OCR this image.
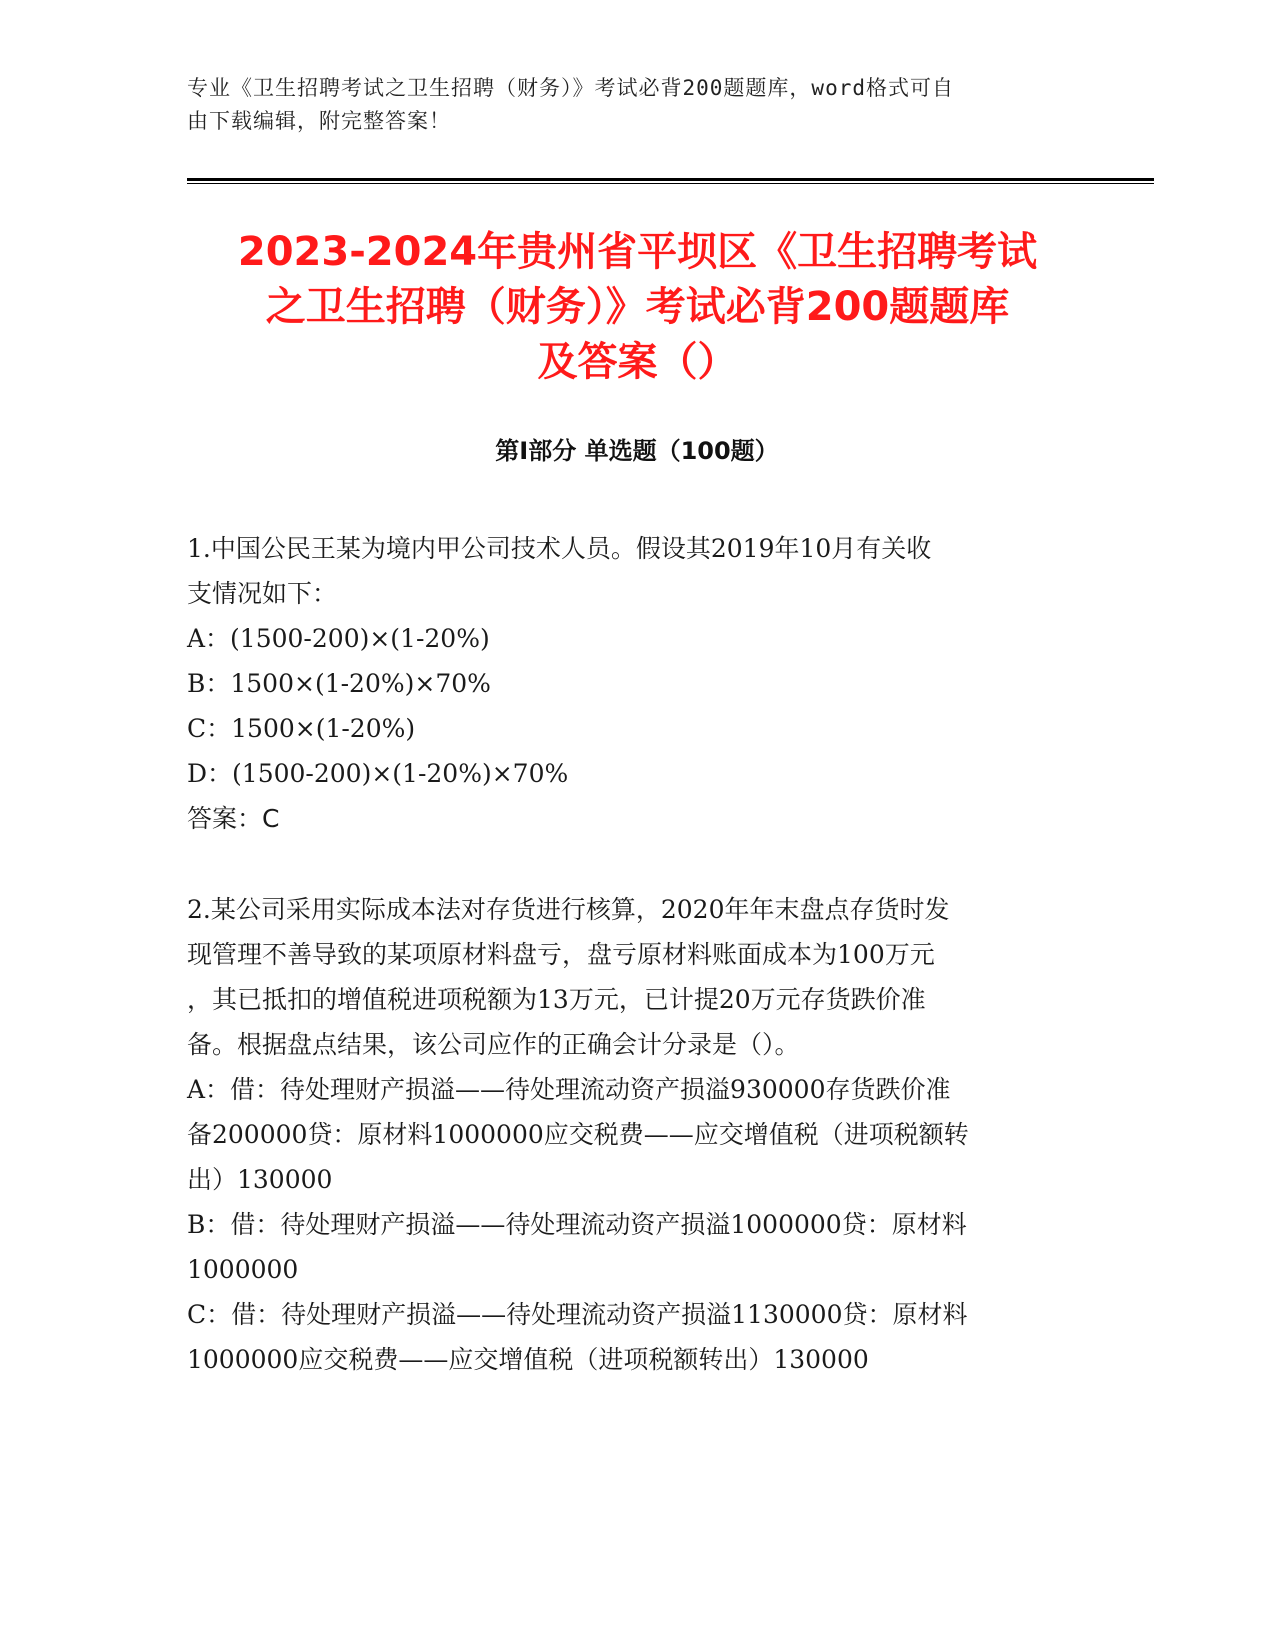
专业《卫生招聘考试之卫生招聘（财务）》考试必背200题题库，word格式可自
由下载编辑，附完整答案！
2023-2024年贵州省平坝区《卫生招聘考试
之卫生招聘（财务）》考试必背200题题库
及答案（）
第Ⅰ部分 单选题（100题）

1.中国公民王某为境内甲公司技术人员。假设其2019年10月有关收

支情况如下：

A：(1500-200)×(1-20%)

B：1500×(1-20%)×70%

C：1500×(1-20%)

D：(1500-200)×(1-20%)×70%

答案：C

2.某公司采用实际成本法对存货进行核算，2020年年末盘点存货时发

现管理不善导致的某项原材料盘亏，盘亏原材料账面成本为100万元

，其已抵扣的增值税进项税额为13万元，已计提20万元存货跌价准

备。根据盘点结果，该公司应作的正确会计分录是（）。

A：借：待处理财产损溢——待处理流动资产损溢930000存货跌价准

备200000贷：原材料1000000应交税费——应交增值税（进项税额转

出）130000

B：借：待处理财产损溢——待处理流动资产损溢1000000贷：原材料

1000000

C：借：待处理财产损溢——待处理流动资产损溢1130000贷：原材料

1000000应交税费——应交增值税（进项税额转出）130000
